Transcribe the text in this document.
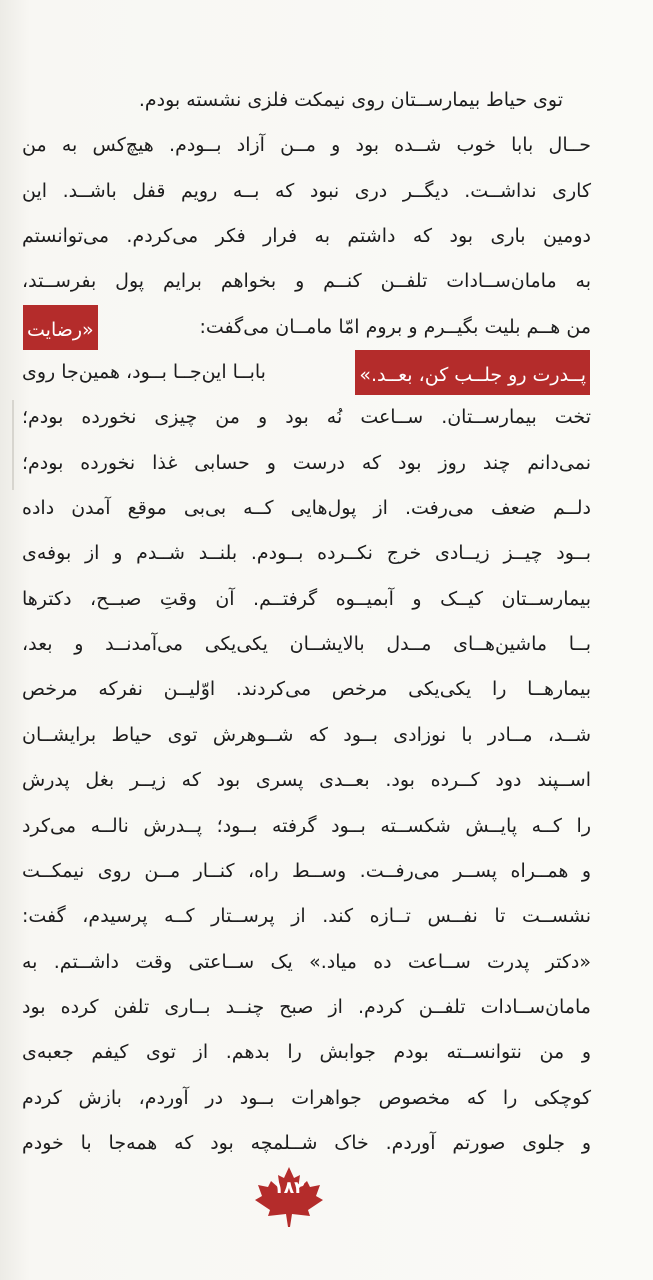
توی حیاط بیمارســتان روی نیمکت فلزی نشسته بودم.
حــال بابا خوب شــده بود و مــن آزاد بــودم. هیچ‌کس به من
کاری نداشــت. دیگــر دری نبود که بــه رویم قفل باشــد. این
دومین باری بود که داشتم به فرار فکر می‌کردم. می‌توانستم
به مامان‌ســادات تلفــن کنــم و بخواهم برایم پول بفرســتد،
من هــم بلیت بگیــرم و بروم امّا مامــان می‌گفت:
«رضایت
پــدرت رو جلــب کن، بعــد.»
بابــا این‌جــا بــود، همین‌جا روی
تخت بیمارســتان. ســاعت نُه بود و من چیزی نخورده بودم؛
نمی‌دانم چند روز بود که درست و حسابی غذا نخورده بودم؛
دلــم ضعف می‌رفت. از پول‌هایی کــه بی‌بی موقع آمدن داده
بــود چیــز زیــادی خرج نکــرده بــودم. بلنــد شــدم و از بوفه‌ی
بیمارســتان کیــک و آبمیــوه گرفتــم. آن وقتِ صبــح، دکترها
بــا ماشین‌هــای مــدل بالایشــان یکی‌یکی می‌آمدنــد و بعد،
بیمارهــا را یکی‌یکی مرخص می‌کردند. اوّلیــن نفرکه مرخص
شــد، مــادر با نوزادی بــود که شــوهرش توی حیاط برایشــان
اســپند دود کــرده بود. بعــدی پسری بود که زیــر بغل پدرش
را کــه پایــش شکســته بــود گرفته بــود؛ پــدرش نالــه می‌کرد
و همــراه پســر می‌رفــت. وســط راه، کنــار مــن روی نیمکــت
نشســت تا نفــس تــازه کند. از پرســتار کــه پرسیدم، گفت:
«دکتر پدرت ســاعت ده میاد.» یک ســاعتی وقت داشــتم. به
مامان‌ســادات تلفــن کردم. از صبح چنــد بــاری تلفن کرده بود
و من نتوانســته بودم جوابش را بدهم. از توی کیفم جعبه‌ی
کوچکی را که مخصوص جواهرات بــود در آوردم، بازش کردم
و جلوی صورتم آوردم. خاک شــلمچه بود که همه‌جا با خودم
۱۸۲
